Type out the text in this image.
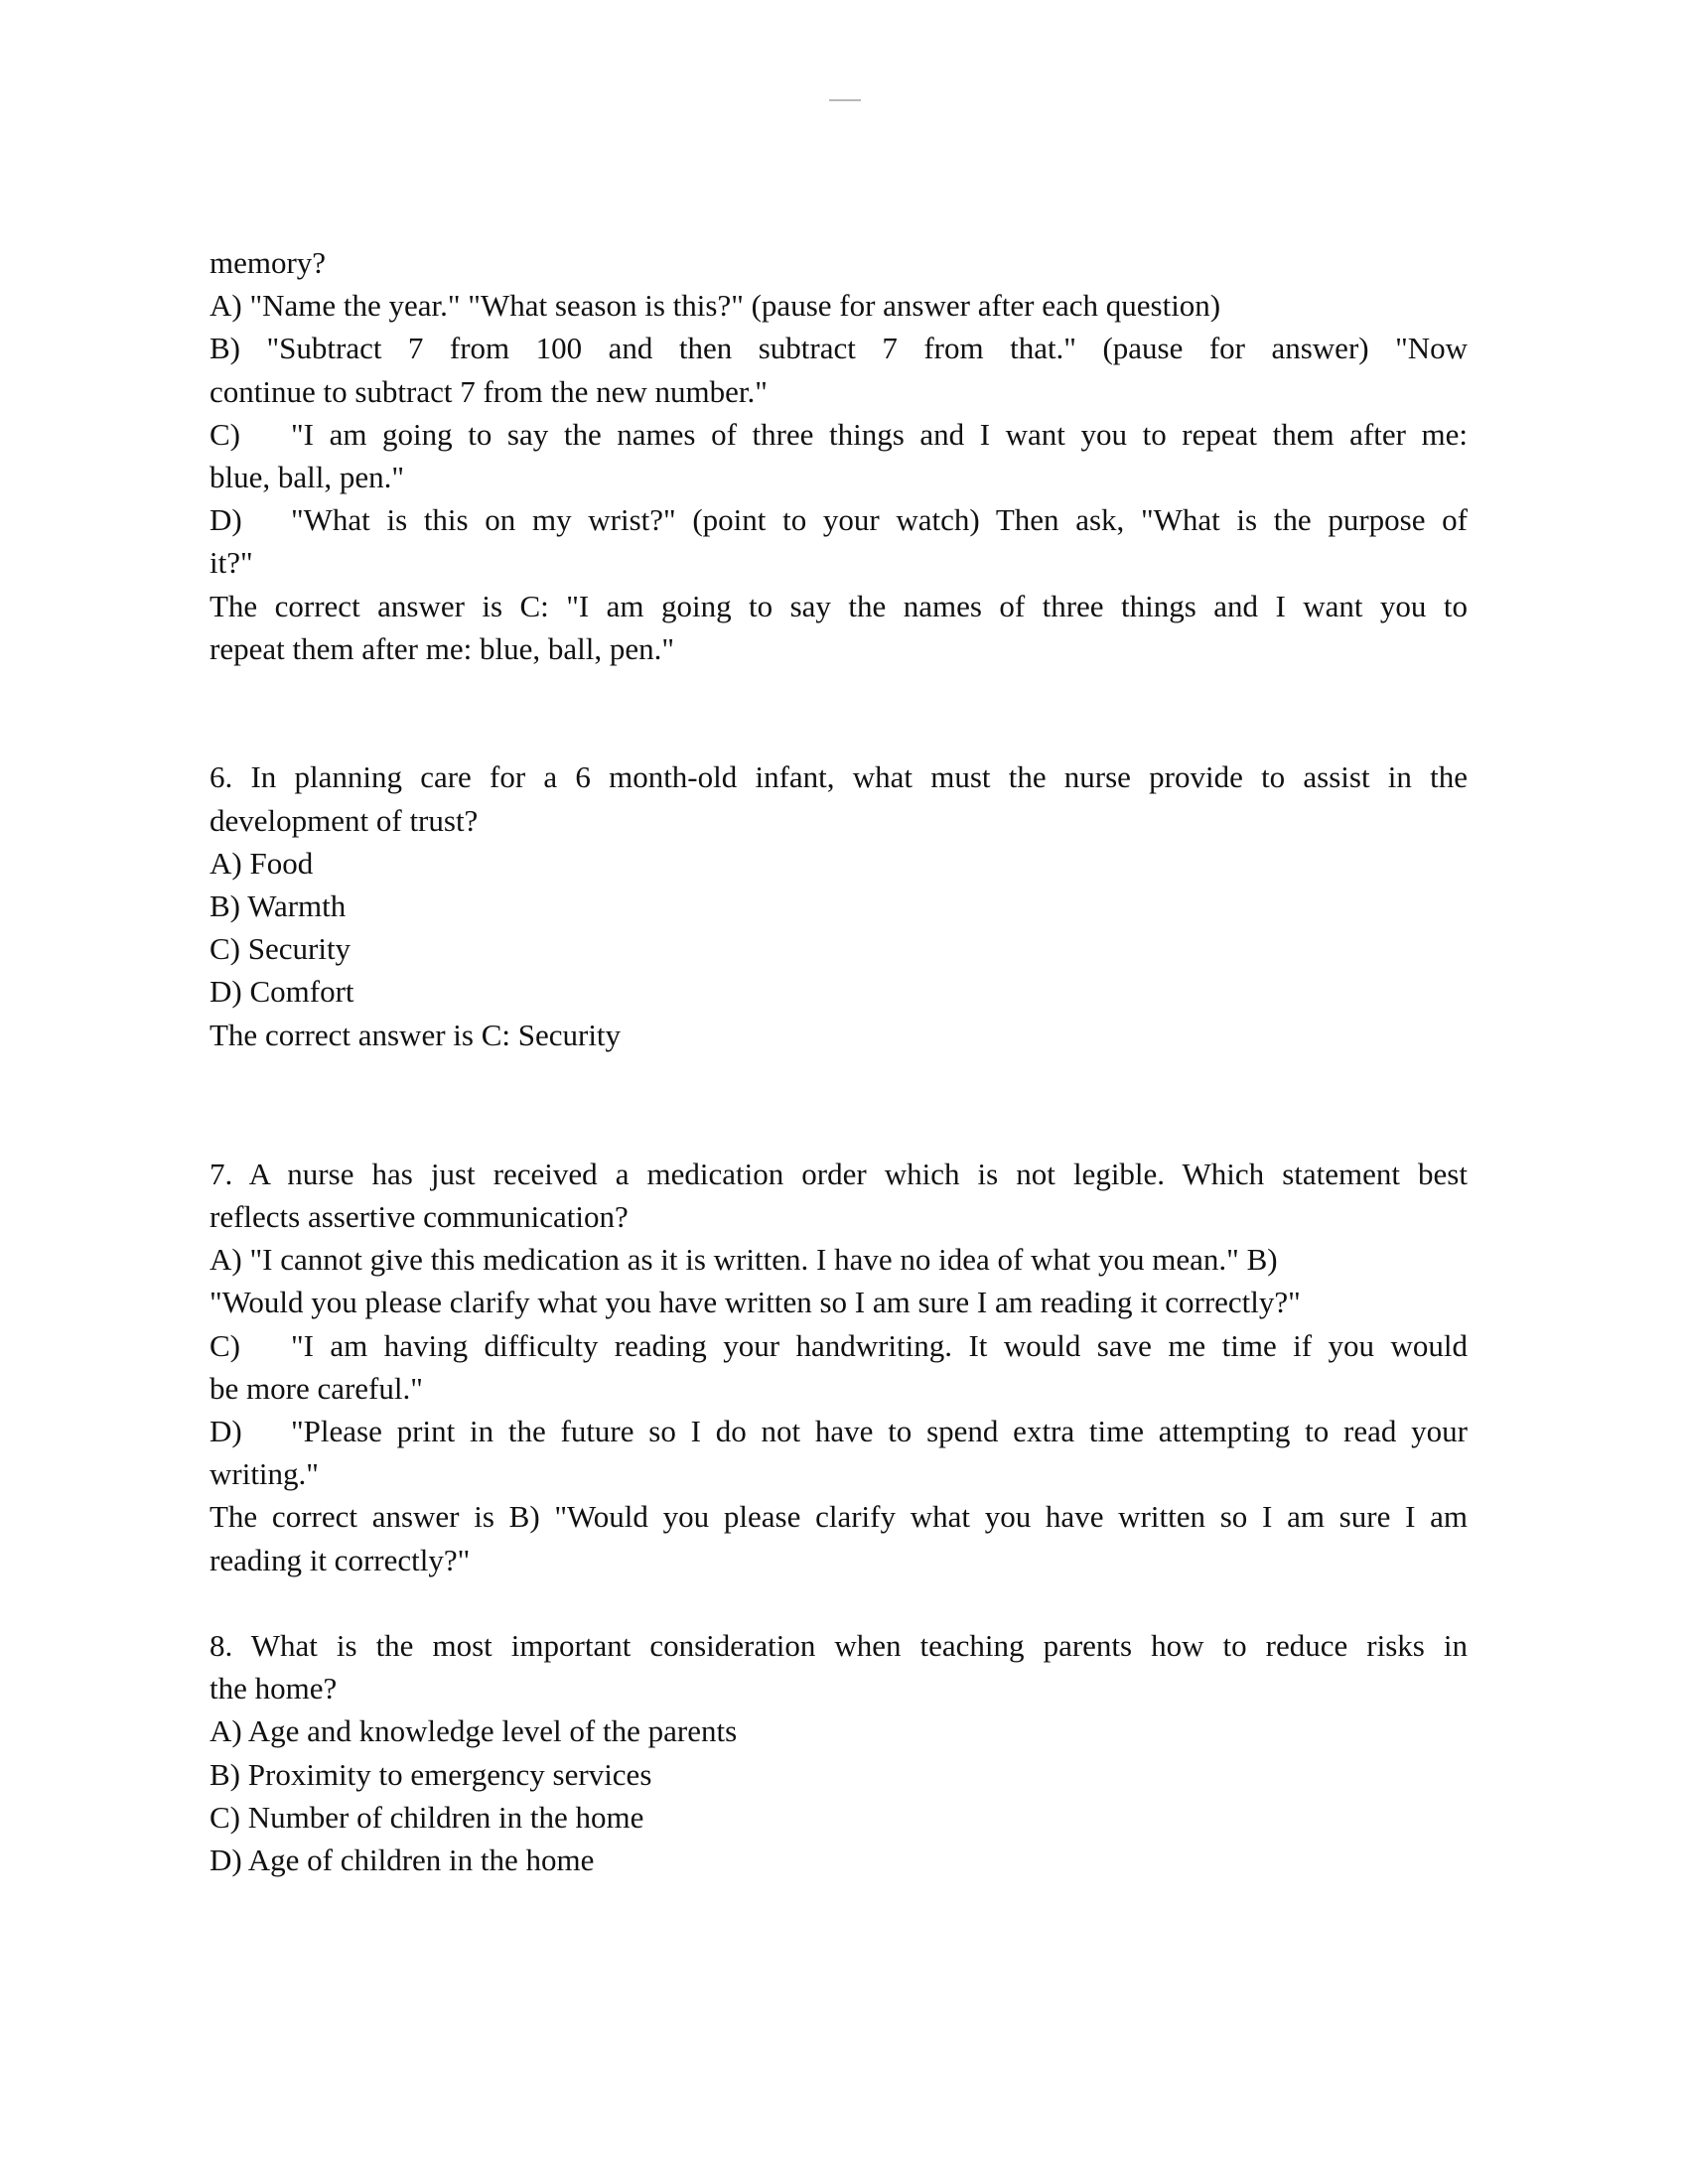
memory?
A) "Name the year." "What season is this?" (pause for answer after each question)
B) "Subtract 7 from 100 and then subtract 7 from that." (pause for answer) "Now
continue to subtract 7 from the new number."
C) "I am going to say the names of three things and I want you to repeat them after me:
blue, ball, pen."
D) "What is this on my wrist?" (point to your watch) Then ask, "What is the purpose of
it?"
The correct answer is C: "I am going to say the names of three things and I want you to
repeat them after me: blue, ball, pen."
6. In planning care for a 6 month-old infant, what must the nurse provide to assist in the
development of trust?
A) Food
B) Warmth
C) Security
D) Comfort
The correct answer is C: Security
7. A nurse has just received a medication order which is not legible. Which statement best
reflects assertive communication?
A) "I cannot give this medication as it is written. I have no idea of what you mean." B)
"Would you please clarify what you have written so I am sure I am reading it correctly?"
C) "I am having difficulty reading your handwriting. It would save me time if you would
be more careful."
D) "Please print in the future so I do not have to spend extra time attempting to read your
writing."
The correct answer is B) "Would you please clarify what you have written so I am sure I am
reading it correctly?"
8. What is the most important consideration when teaching parents how to reduce risks in
the home?
A) Age and knowledge level of the parents
B) Proximity to emergency services
C) Number of children in the home
D) Age of children in the home
